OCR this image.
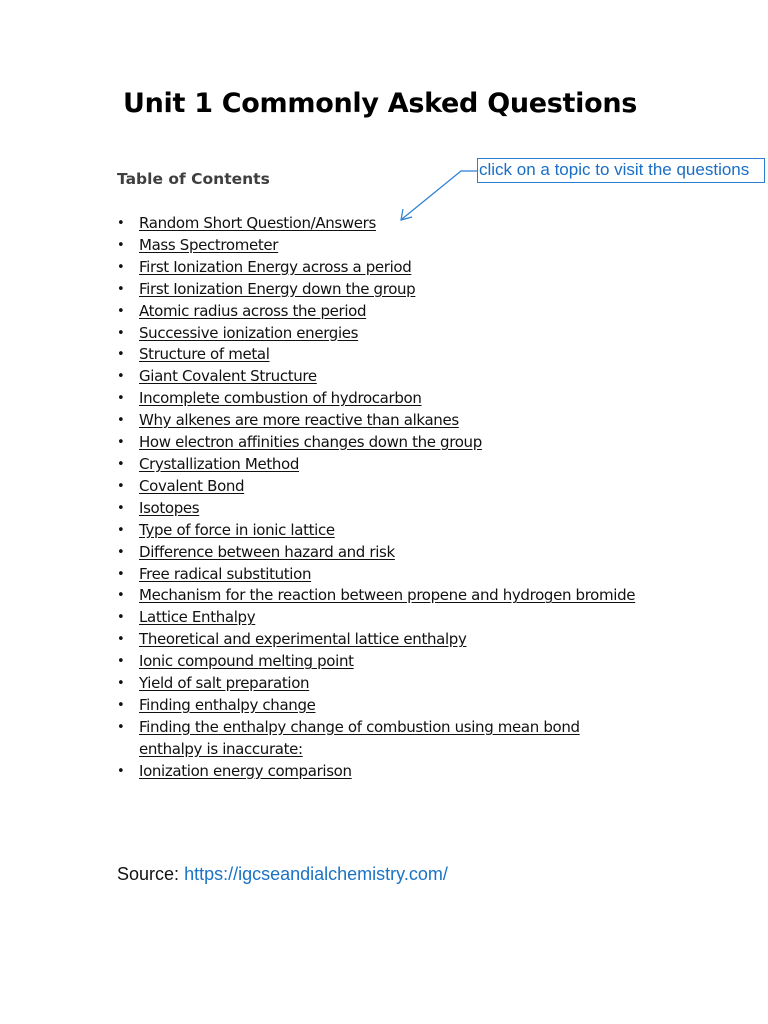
Unit 1 Commonly Asked Questions
Table of Contents	click on a topic to visit the questions
• Random Short Question/Answers
• Mass Spectrometer
• First Ionization Energy across a period
• First Ionization Energy down the group
• Atomic radius across the period
• Successive ionization energies
• Structure of metal
• Giant Covalent Structure
• Incomplete combustion of hydrocarbon
• Why alkenes are more reactive than alkanes
• How electron affinities changes down the group
• Crystallization Method
• Covalent Bond
• Isotopes
• Type of force in ionic lattice
• Difference between hazard and risk
• Free radical substitution
• Mechanism for the reaction between propene and hydrogen bromide
• Lattice Enthalpy
• Theoretical and experimental lattice enthalpy
• Ionic compound melting point
• Yield of salt preparation
• Finding enthalpy change
• Finding the enthalpy change of combustion using mean bond enthalpy is inaccurate:
• Ionization energy comparison
Source: https://igcseandialchemistry.com/
